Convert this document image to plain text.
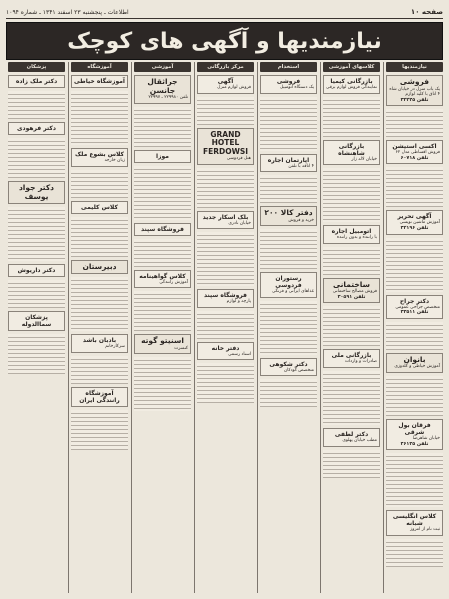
صفحه ۱۰
اطلاعات ـ پنجشنبه ۲۳ اسفند ۱۳۴۱ ـ شماره ۱۰۹۴
نیازمندیها و آگهی های کوچک
نیازمندیها
فروشی
یک باب منزل در خیابان شاه ۴ اتاق با کلیه لوازم
تلفن ۳۲۲۴۵
اکسی استیشن
فروش اقساطی مدل ۶۲
تلفن ۶۰۷۱۸
آگهی تحریر
آموزش ماشین نویسی
تلفن ۴۲۱۹۶
دکتر جراح
متخصص جراحی عمومی
تلفن ۴۳۵۱۱
بانوان
آموزش خیاطی و گلدوزی
فرقان بول شرقی
خیابان شاهرضا
تلفن ۴۶۱۳۵
کلاس انگلیسی شبانه
ثبت نام از امروز
کلاسهای آموزشی
بازرگانی کیمیا
نمایندگی فروش لوازم برقی
بازرگانی شاهنشاه
خیابان لاله زار
اتومبیل اجاره
با راننده و بدون راننده
ساختمانی
فروش مصالح ساختمانی
تلفن ۳۰۵۹۱
بازرگانی ملی
صادرات و واردات
دکتر لطفی
مطب خیابان پهلوی
استخدام
فروشی
یک دستگاه اتومبیل
اپارتمان اجاره
۴ اتاقه با تلفن
دفتر کالا ۲۰۰
خرید و فروش
رستوران فردوسی
غذاهای ایرانی و فرنگی
دکتر شکوهی
متخصص کودکان
مرکز بازرگانی
آگهی
فروش لوازم منزل
GRAND HOTEL FERDOWSI
هتل فردوسی
بلک اسکار جدید
خیابان نادری
فروشگاه سپند
پارچه و لوازم
دفتر خانه
اسناد رسمی
آموزشی
جراثقال جانسن
تلفن ۲۲۹۹۸۰ ـ ۲۲۹۹۷
موزا
فروشگاه سپند
کلاس گواهینامه
آموزش رانندگی
اسنیتو گوته
کنسرت
آموزشگاه
آموزشگاه خیاطی
کلاس بشوع ملک
زبان خارجه
کلاس کلیمی
دبیرستان
بادبان باشد
سرکارخانم
آموزشگاه رانندگی ایران
پزشکان
دکتر ملک زاده
دکتر فرهودی
دکتر جواد یوسف
دکتر داریوش
پزشکان سماالدوله
